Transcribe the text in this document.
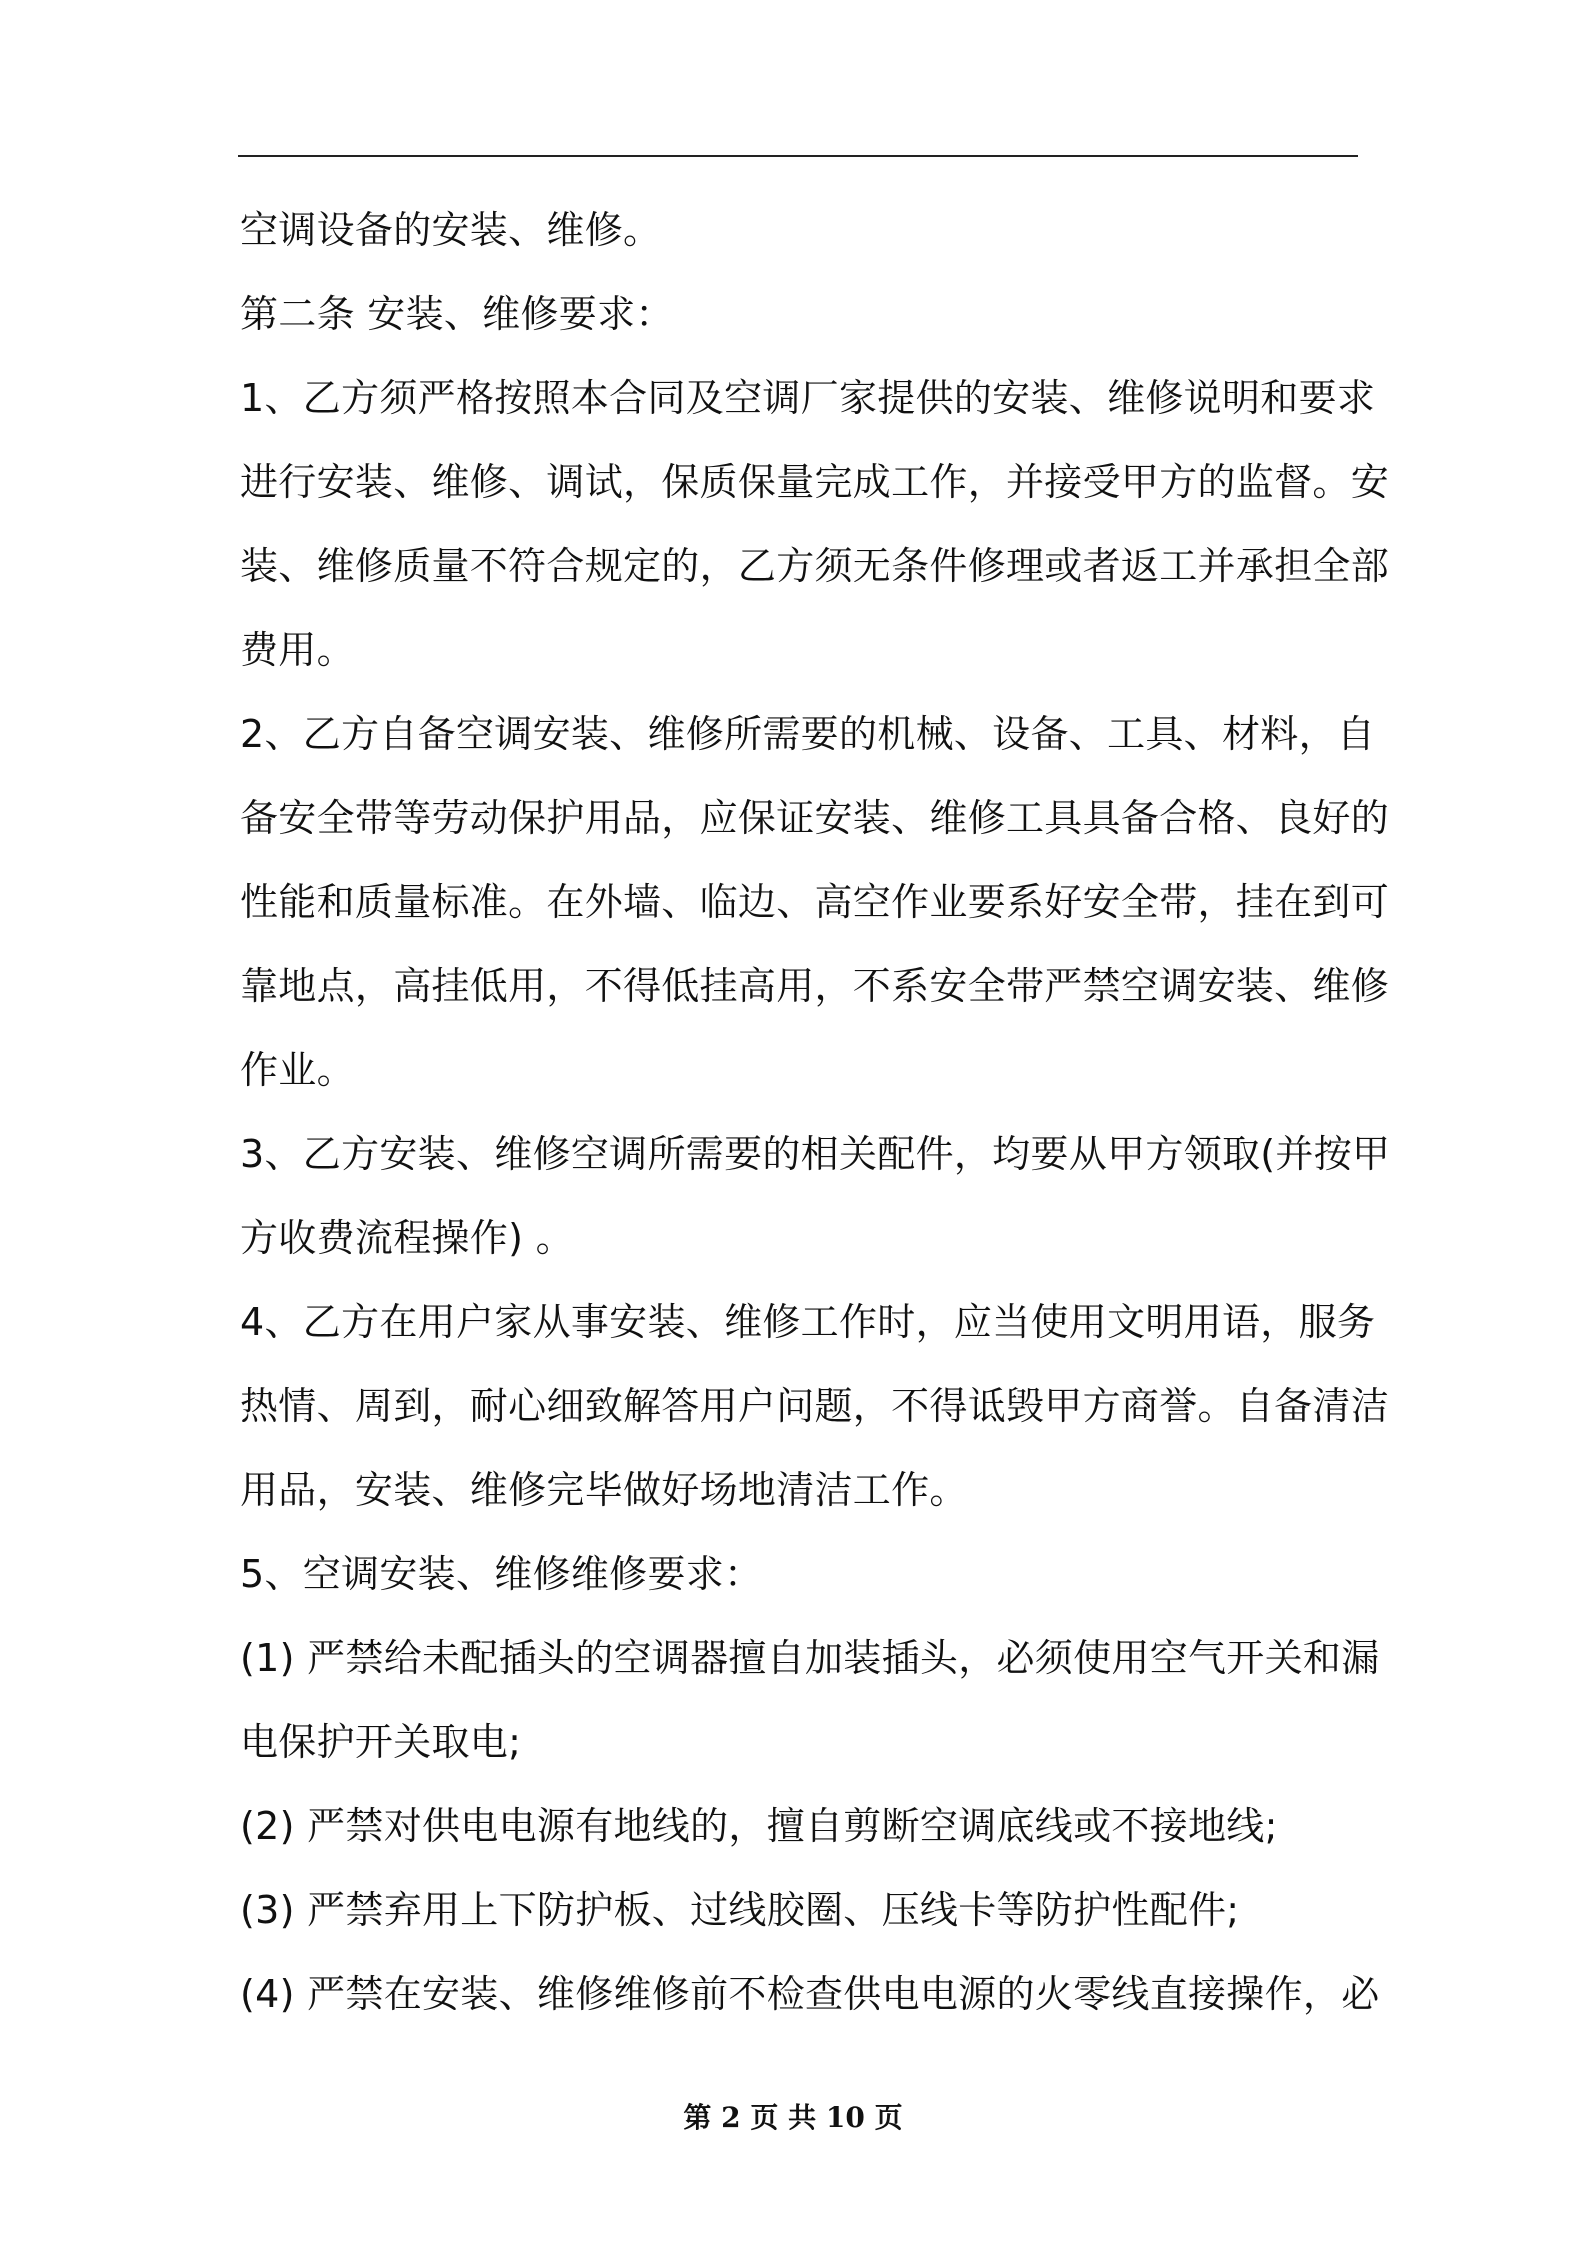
空调设备的安装、维修。
第二条 安装、维修要求：
1、乙方须严格按照本合同及空调厂家提供的安装、维修说明和要求
进行安装、维修、调试，保质保量完成工作，并接受甲方的监督。安
装、维修质量不符合规定的，乙方须无条件修理或者返工并承担全部
费用。
2、乙方自备空调安装、维修所需要的机械、设备、工具、材料，自
备安全带等劳动保护用品，应保证安装、维修工具具备合格、良好的
性能和质量标准。在外墙、临边、高空作业要系好安全带，挂在到可
靠地点，高挂低用，不得低挂高用，不系安全带严禁空调安装、维修
作业。
3、乙方安装、维修空调所需要的相关配件，均要从甲方领取(并按甲
方收费流程操作) 。
4、乙方在用户家从事安装、维修工作时，应当使用文明用语，服务
热情、周到，耐心细致解答用户问题，不得诋毁甲方商誉。自备清洁
用品，安装、维修完毕做好场地清洁工作。
5、空调安装、维修维修要求：
(1) 严禁给未配插头的空调器擅自加装插头，必须使用空气开关和漏
电保护开关取电;
(2) 严禁对供电电源有地线的，擅自剪断空调底线或不接地线;
(3) 严禁弃用上下防护板、过线胶圈、压线卡等防护性配件;
(4) 严禁在安装、维修维修前不检查供电电源的火零线直接操作，必
第 2 页 共 10 页
